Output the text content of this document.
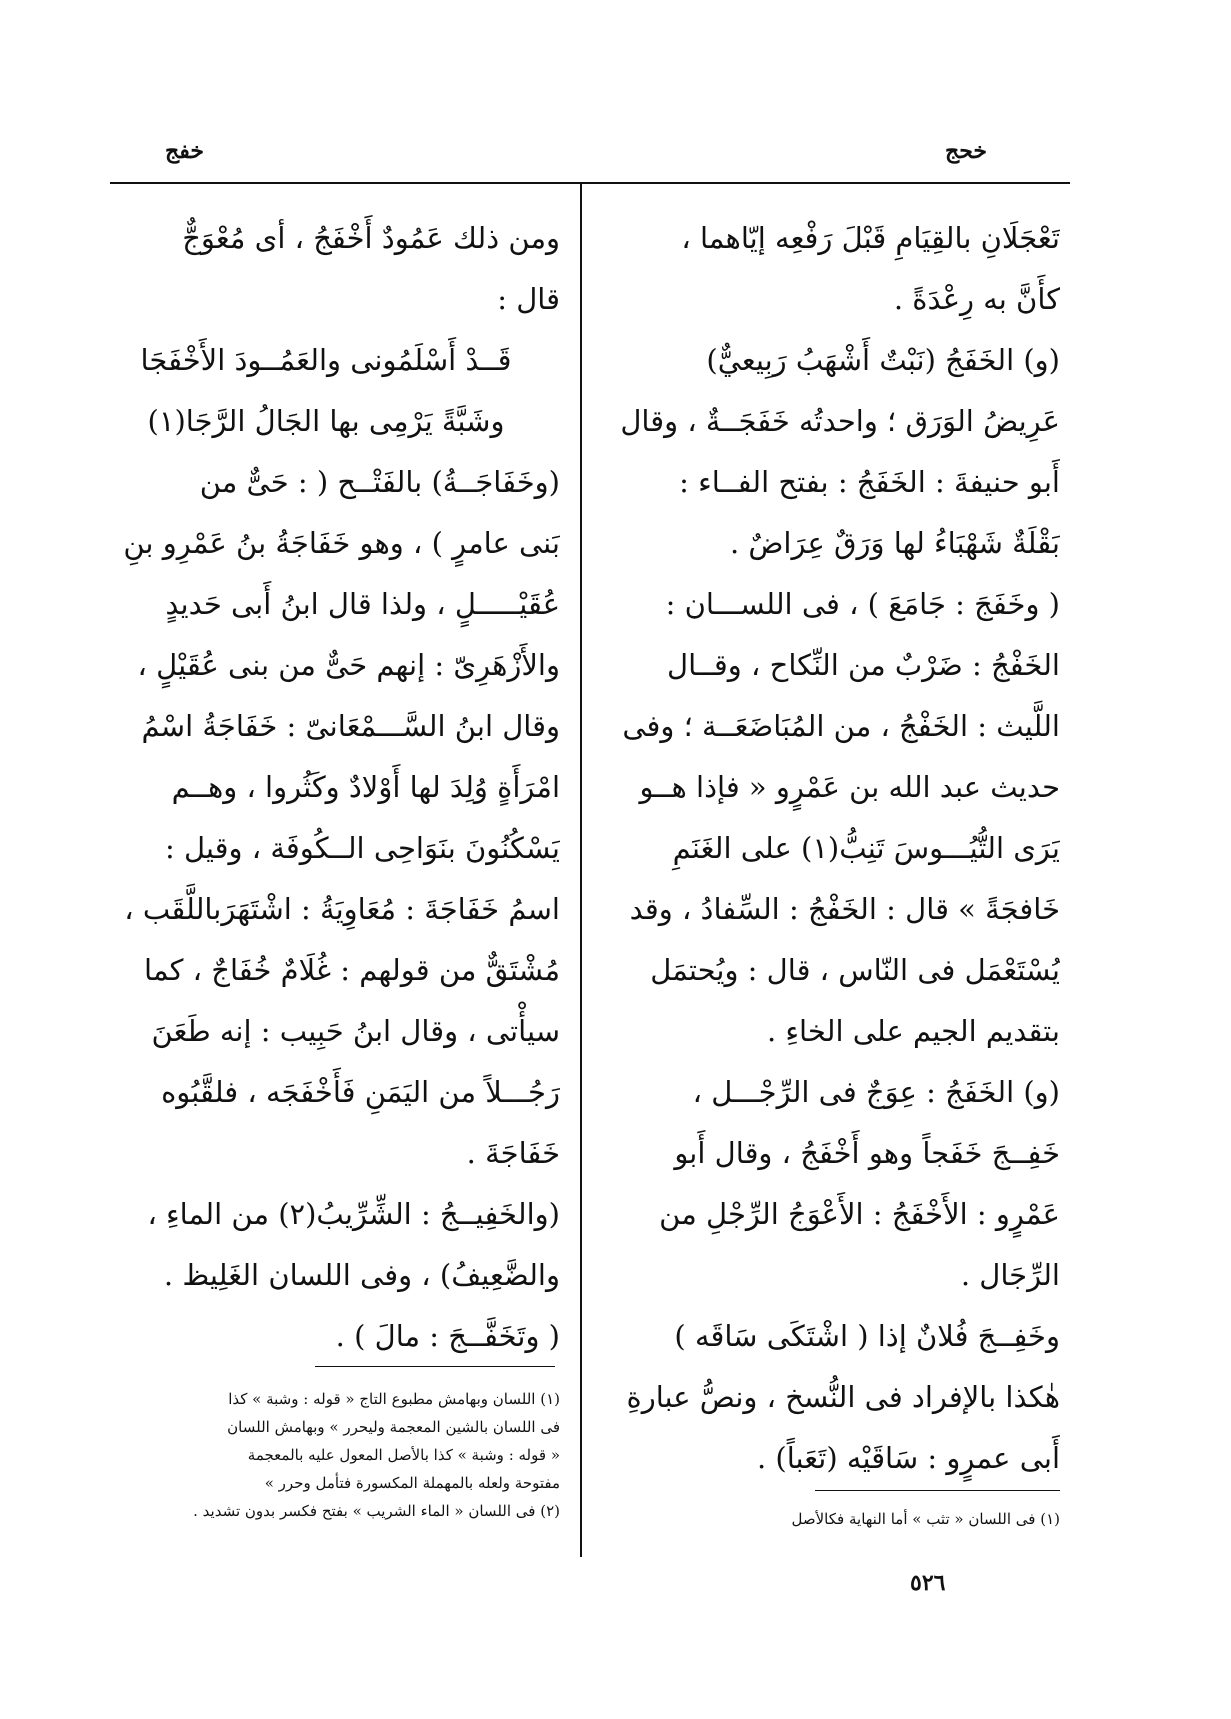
خفج	خحج
تَعْجَلَانِ بالقِيَامِ قَبْلَ رَفْعِه إيّاهما ،
كأَنَّ به رِعْدَةً .
(و) الخَفَجُ (نَبْتٌ أَشْهَبُ رَبِيعيٌّ)
عَرِيضُ الوَرَق ؛ واحدتُه خَفَجَــةٌ ، وقال
أَبو حنيفةَ : الخَفَجُ : بفتح الفــاء :
بَقْلَةٌ شَهْبَاءُ لها وَرَقٌ عِرَاضٌ .
( وخَفَجَ : جَامَعَ ) ، فى اللســـان :
الخَفْجُ : ضَرْبٌ من النِّكاح ، وقــال
اللَّيث : الخَفْجُ ، من المُبَاضَعَــة ؛ وفى
حديث عبد الله بن عَمْرٍو « فإذا هــو
يَرَى التُّيُـــوسَ تَنِبُّ(١) على الغَنَمِ
خَافجَةً » قال : الخَفْجُ : السِّفادُ ، وقد
يُسْتَعْمَل فى النّاس ، قال : ويُحتمَل
بتقديم الجيم على الخاءِ .
(و) الخَفَجُ : عِوَجٌ فى الرِّجْـــل ،
خَفِــجَ خَفَجاً وهو أَخْفَجُ ، وقال أَبو
عَمْرٍو : الأَخْفَجُ : الأَعْوَجُ الرِّجْلِ من
الرِّجَال .
وخَفِــجَ فُلانٌ إذا ( اشْتَكَى سَاقَه )
هٰكذا بالإفراد فى النُّسخ ، ونصُّ عبارةِ
أَبى عمرٍو : سَاقَيْه (تَعَباً) .
ومن ذلك عَمُودٌ أَخْفَجُ ، أى مُعْوَجٌّ
قال :
قَــدْ أَسْلَمُونى والعَمُــودَ الأَخْفَجَا
وشَبَّةً يَرْمِى بها الجَالُ الرَّجَا(١)
(وخَفَاجَــةُ) بالفَتْــح ( : حَىٌّ من
بَنى عامرٍ ) ، وهو خَفَاجَةُ بنُ عَمْرِو بنِ
عُقَيْـــــلٍ ، ولذا قال ابنُ أَبى حَديدٍ
والأَزْهَرِىّ : إنهم حَىٌّ من بنى عُقَيْلٍ ،
وقال ابنُ السَّـــمْعَانىّ : خَفَاجَةُ اسْمُ
امْرَأَةٍ وُلِدَ لها أَوْلادٌ وكَثُروا ، وهــم
يَسْكُنُونَ بنَوَاحِى الــكُوفَة ، وقيل :
اسمُ خَفَاجَةَ : مُعَاوِيَةُ : اشْتَهَرَباللَّقَب ،
مُشْتَقٌّ من قولهم : غُلَامٌ خُفَاجٌ ، كما
سيأْتى ، وقال ابنُ حَبِيب : إنه طَعَنَ
رَجُـــلاً من اليَمَنِ فَأَخْفَجَه ، فلقَّبُوه
خَفَاجَةَ .
(والخَفِيــجُ : الشِّرِّيبُ(٢) من الماءِ ،
والضَّعِيفُ) ، وفى اللسان الغَلِيظ .
( وتَخَفَّــجَ : مالَ ) .
(١) اللسان وبهامش مطبوع التاج « قوله : وشبة » كذا
فى اللسان بالشين المعجمة وليحرر » وبهامش اللسان
« قوله : وشبة » كذا بالأصل المعول عليه بالمعجمة
مفتوحة ولعله بالمهملة المكسورة فتأمل وحرر »
(٢) فى اللسان « الماء الشريب » بفتح فكسر بدون تشديد .	(١) فى اللسان « تثب » أما النهاية فكالأصل
٥٢٦
